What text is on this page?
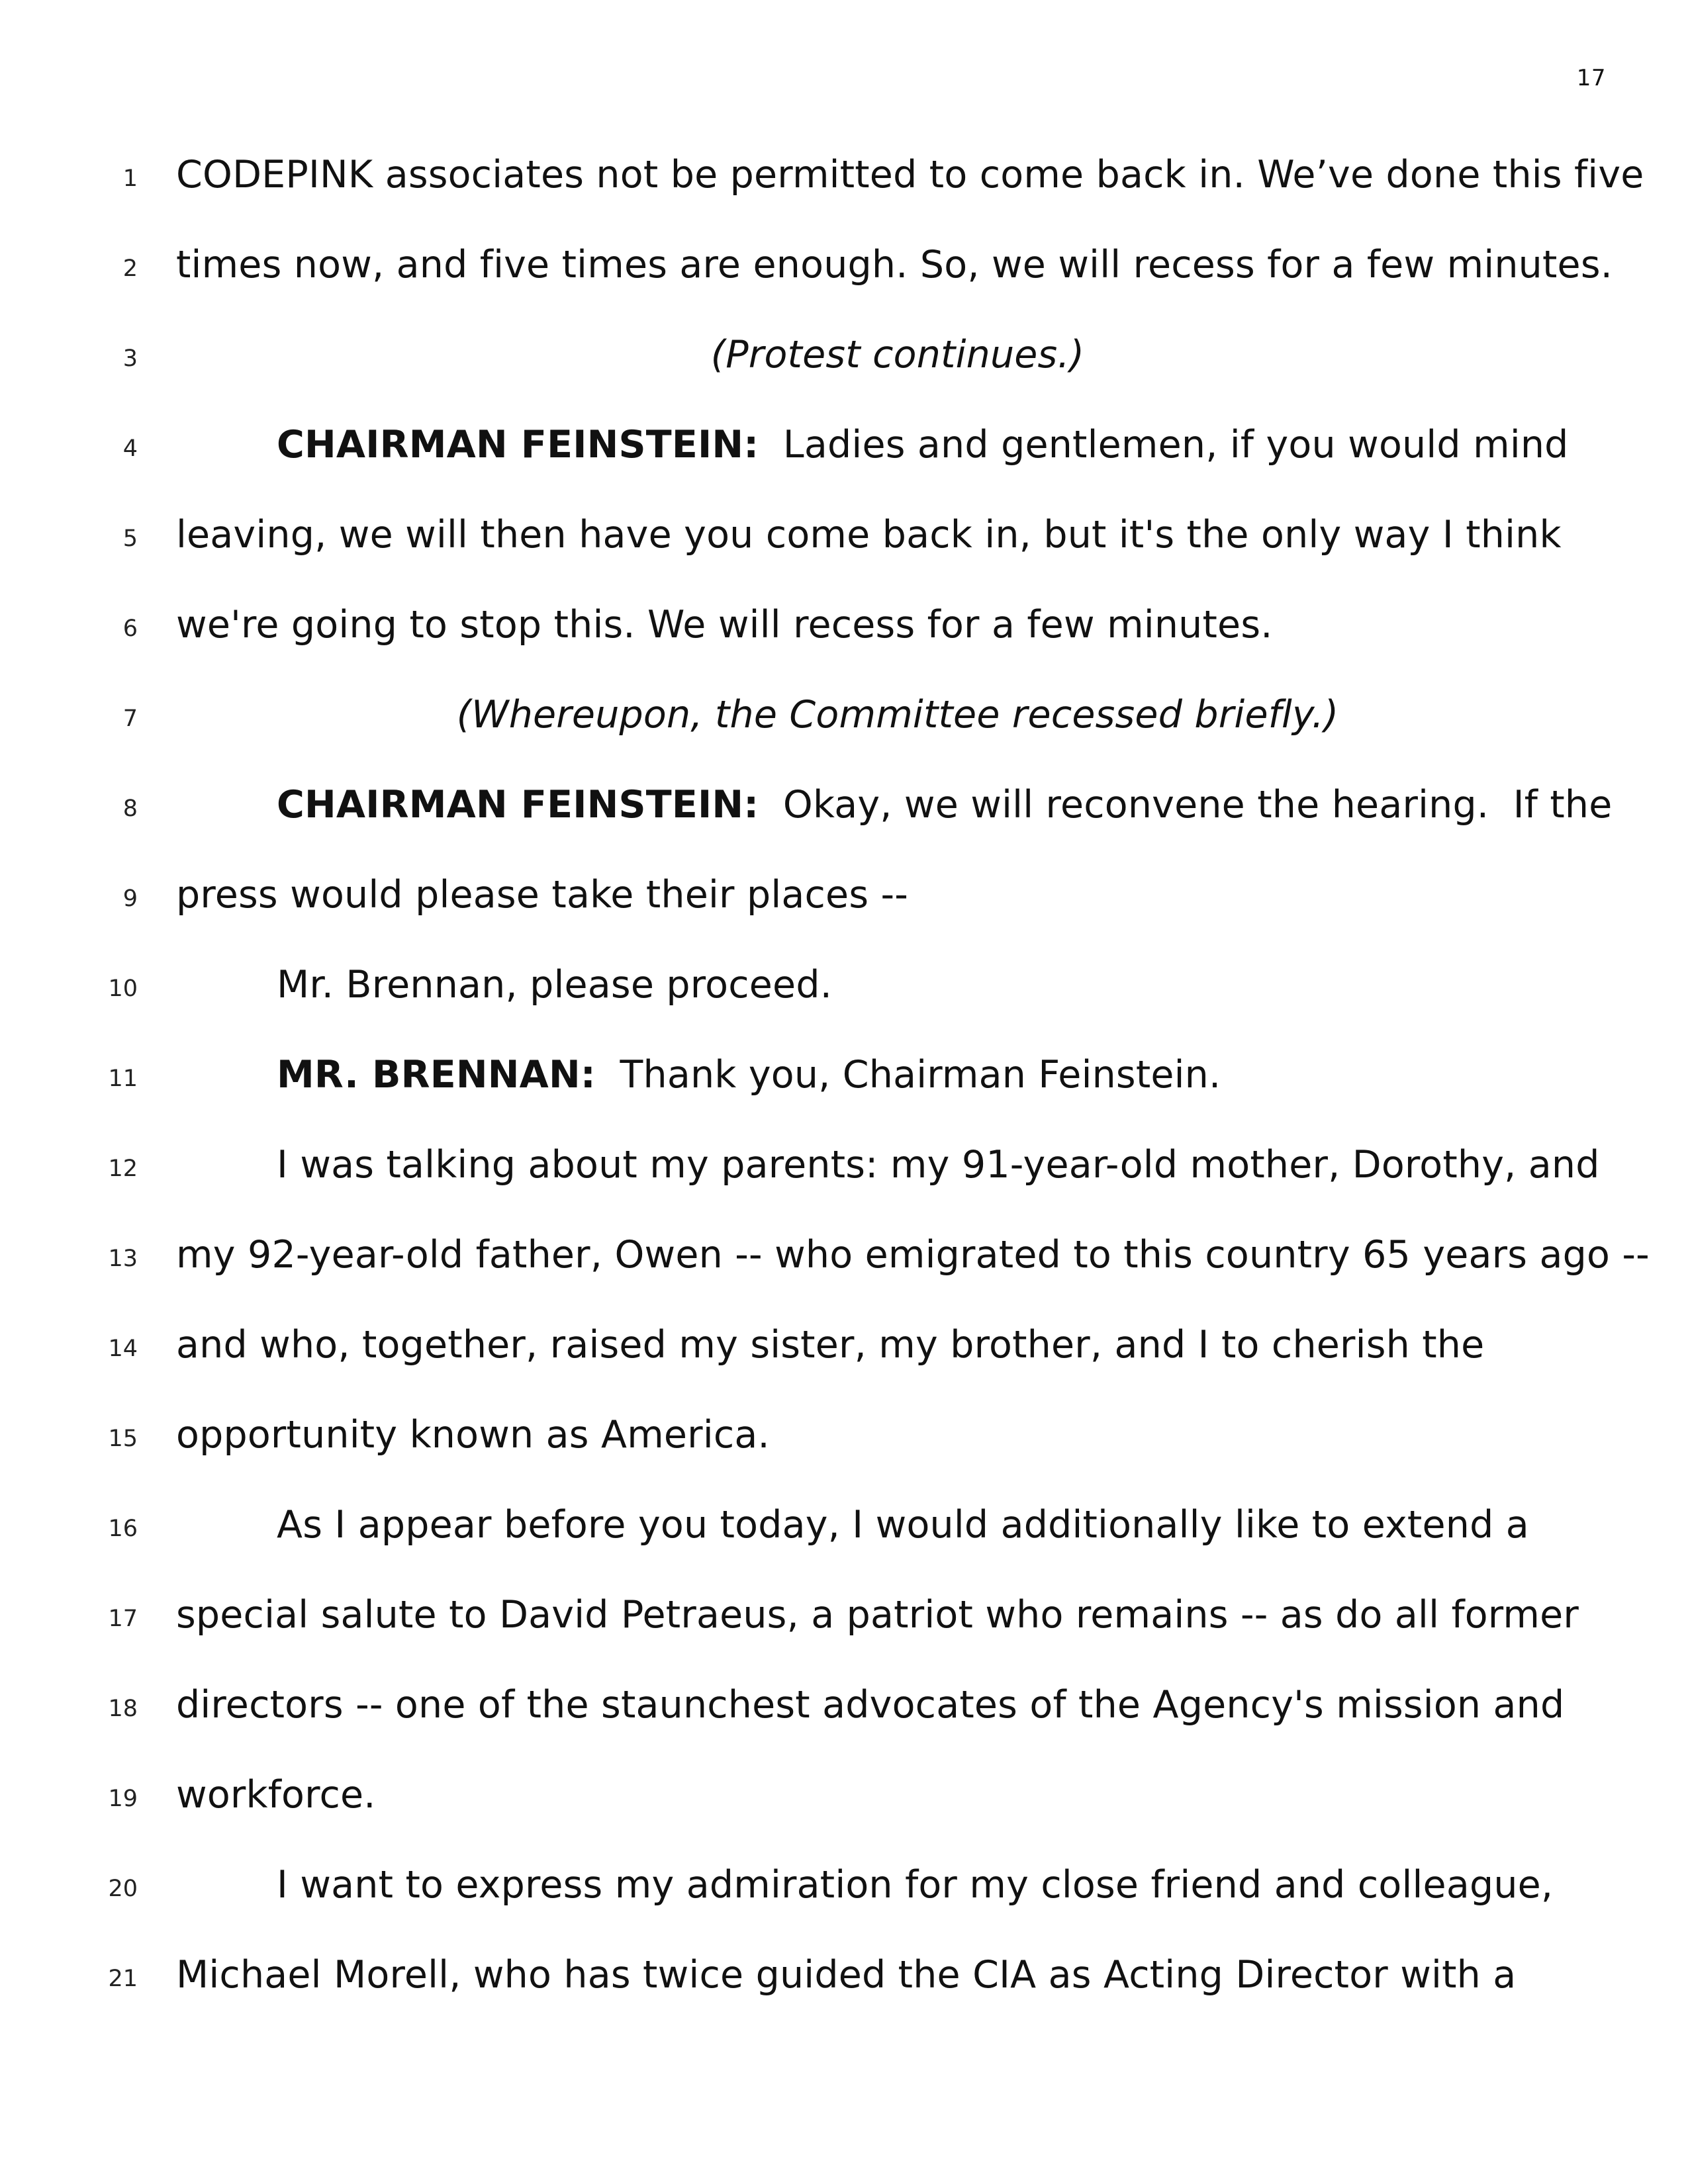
17
1 CODEPINK associates not be permitted to come back in. We’ve done this five
2 times now, and five times are enough. So, we will recess for a few minutes.
3	(Protest continues.)
4	CHAIRMAN FEINSTEIN:  Ladies and gentlemen, if you would mind
5 leaving, we will then have you come back in, but it's the only way I think
6 we're going to stop this. We will recess for a few minutes.
7	(Whereupon, the Committee recessed briefly.)
8	CHAIRMAN FEINSTEIN:  Okay, we will reconvene the hearing.  If the
9 press would please take their places --
10	Mr. Brennan, please proceed.
11	MR. BRENNAN:  Thank you, Chairman Feinstein.
12	I was talking about my parents: my 91-year-old mother, Dorothy, and
13 my 92-year-old father, Owen -- who emigrated to this country 65 years ago --
14 and who, together, raised my sister, my brother, and I to cherish the
15 opportunity known as America.
16	As I appear before you today, I would additionally like to extend a
17 special salute to David Petraeus, a patriot who remains -- as do all former
18 directors -- one of the staunchest advocates of the Agency's mission and
19 workforce.
20	I want to express my admiration for my close friend and colleague,
21 Michael Morell, who has twice guided the CIA as Acting Director with a
